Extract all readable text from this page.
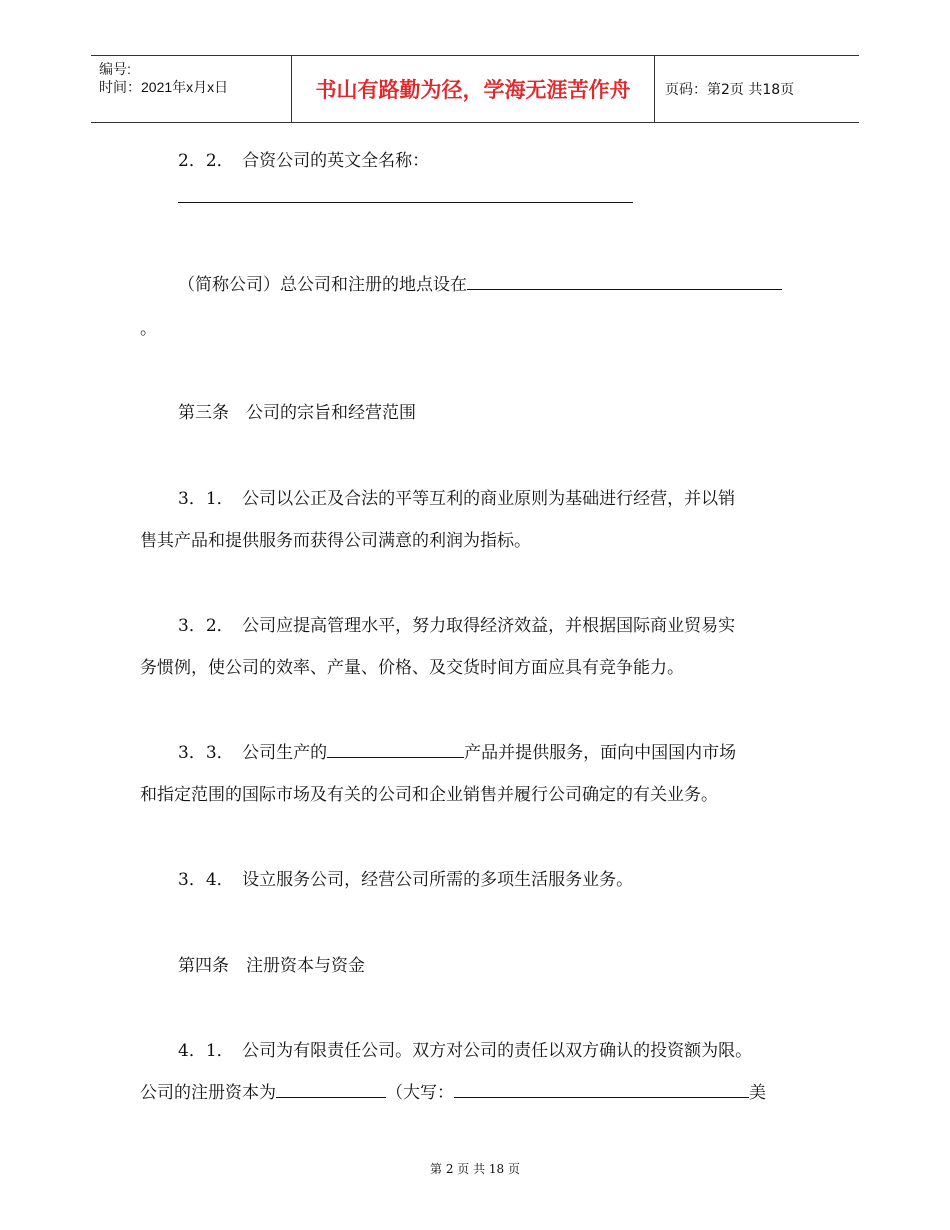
编号:
时间：2021年x月x日	书山有路勤为径，学海无涯苦作舟	页码：第2页 共18页
2．2．　合资公司的英文全名称：
（简称公司）总公司和注册的地点设在
。
第三条　公司的宗旨和经营范围
3．1．　公司以公正及合法的平等互利的商业原则为基础进行经营，并以销
售其产品和提供服务而获得公司满意的利润为指标。
3．2．　公司应提高管理水平，努力取得经济效益，并根据国际商业贸易实
务惯例，使公司的效率、产量、价格、及交货时间方面应具有竞争能力。
3．3．　公司生产的	产品并提供服务，面向中国国内市场
和指定范围的国际市场及有关的公司和企业销售并履行公司确定的有关业务。
3．4．　设立服务公司，经营公司所需的多项生活服务业务。
第四条　注册资本与资金
4．1．　公司为有限责任公司。双方对公司的责任以双方确认的投资额为限。
公司的注册资本为	（大写：	美
第 2 页 共 18 页
